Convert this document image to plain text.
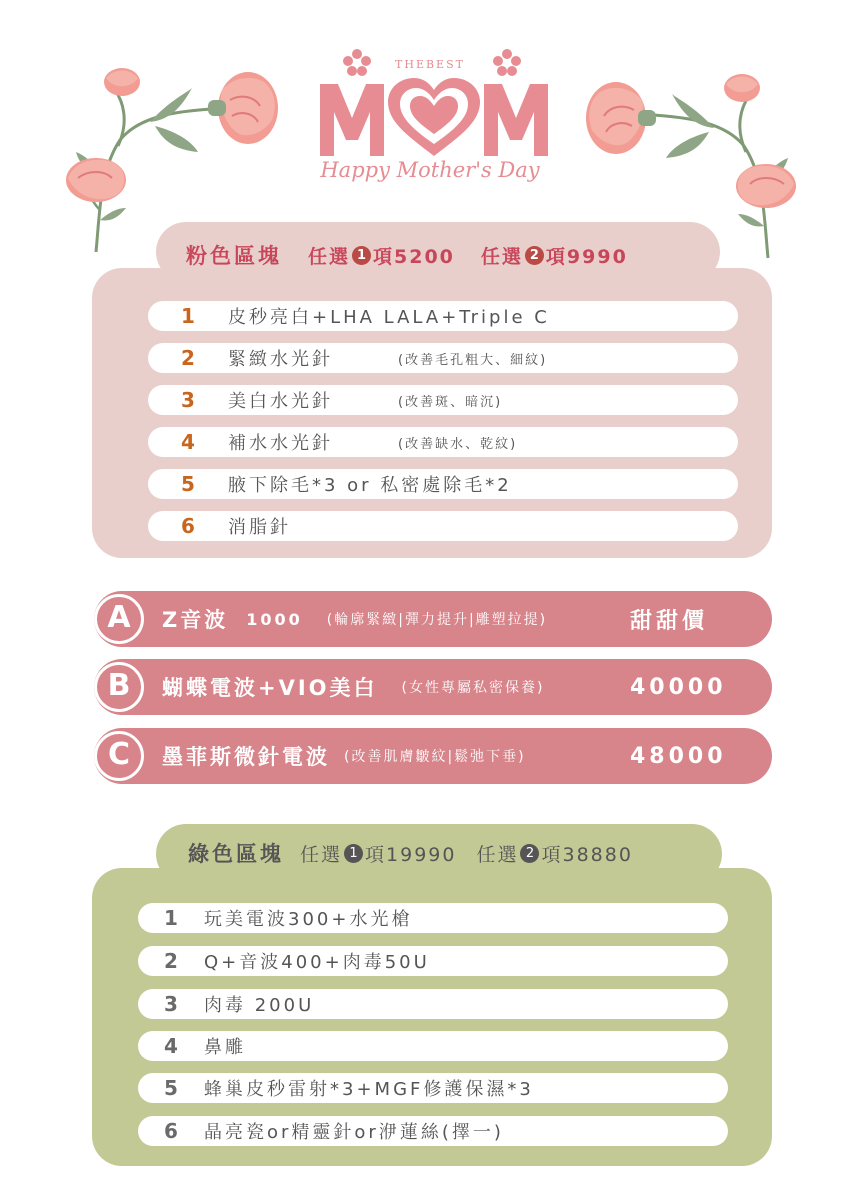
THEBEST
Happy Mother's Day
粉色區塊 任選 1 項5200 任選 2 項9990
1	皮秒亮白+LHA LALA+Triple C
2	緊緻水光針	(改善毛孔粗大、細紋)
3	美白水光針	(改善斑、暗沉)
4	補水水光針	(改善缺水、乾紋)
5	腋下除毛*3 or 私密處除毛*2
6	消脂針
A	Z音波 1000 (輪廓緊緻|彈力提升|雕塑拉提)	甜甜價
B	蝴蝶電波+VIO美白 (女性專屬私密保養)	40000
C	墨菲斯微針電波 (改善肌膚皺紋|鬆弛下垂)	48000
綠色區塊 任選 1 項19990 任選 2 項38880
1	玩美電波300+水光槍
2	Q+音波400+肉毒50U
3	肉毒 200U
4	鼻雕
5	蜂巢皮秒雷射*3+MGF修護保濕*3
6	晶亮瓷or精靈針or洢蓮絲(擇一)
